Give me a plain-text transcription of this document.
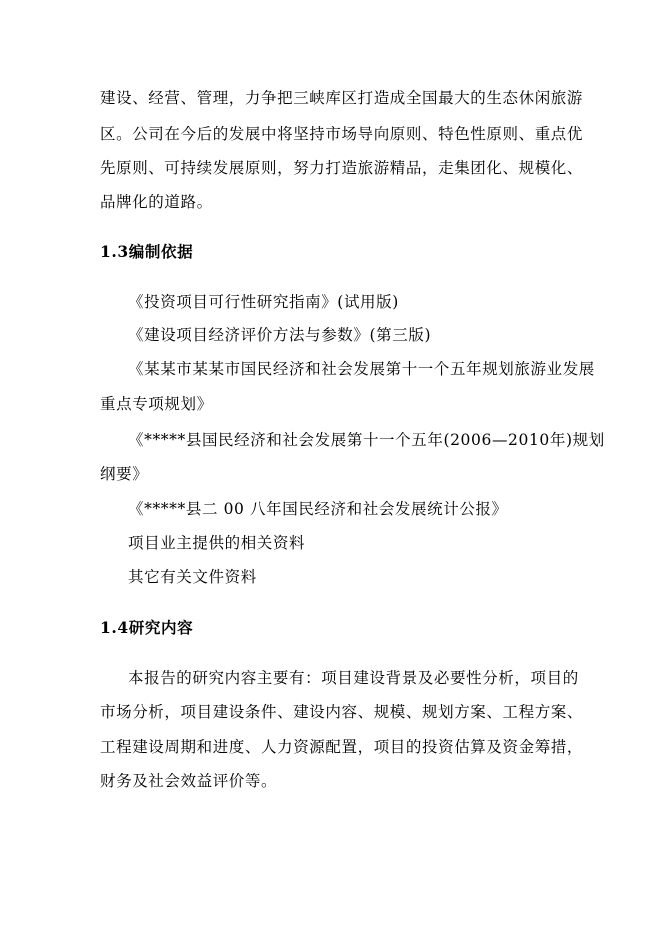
建设、经营、管理，力争把三峡库区打造成全国最大的生态休闲旅游
区。公司在今后的发展中将坚持市场导向原则、特色性原则、重点优
先原则、可持续发展原则，努力打造旅游精品，走集团化、规模化、
品牌化的道路。
1.3编制依据
《投资项目可行性研究指南》(试用版)
《建设项目经济评价方法与参数》(第三版)
《某某市某某市国民经济和社会发展第十一个五年规划旅游业发展
重点专项规划》
《*****县国民经济和社会发展第十一个五年(2006—2010年)规划
纲要》
《*****县二 00 八年国民经济和社会发展统计公报》
项目业主提供的相关资料
其它有关文件资料
1.4研究内容
本报告的研究内容主要有：项目建设背景及必要性分析，项目的
市场分析，项目建设条件、建设内容、规模、规划方案、工程方案、
工程建设周期和进度、人力资源配置，项目的投资估算及资金筹措，
财务及社会效益评价等。
